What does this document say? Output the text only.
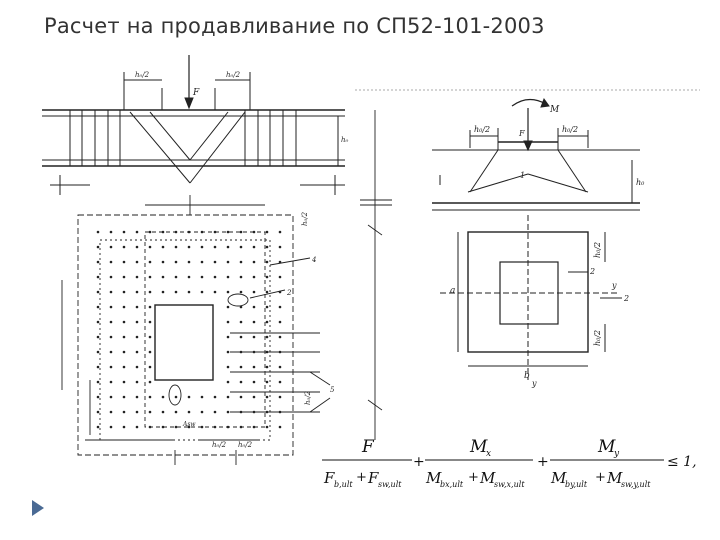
Расчет на продавливание по СП52-101-2003
F
h₀/2	h₀/2
h₀
h₀/2
h₀/2
h₀/2 h₀/2
2
4
5
Asw
M
F
h₀/2	h₀/2
h₀
1
h₀/2
h₀/2
a
b
2
2
y
y
F
F b,ult + F sw,ult
+
M
x
M
bx,ult + M
sw,x,ult
+
M
y
M
by,ult + M
sw,y,ult
≤ 1,
